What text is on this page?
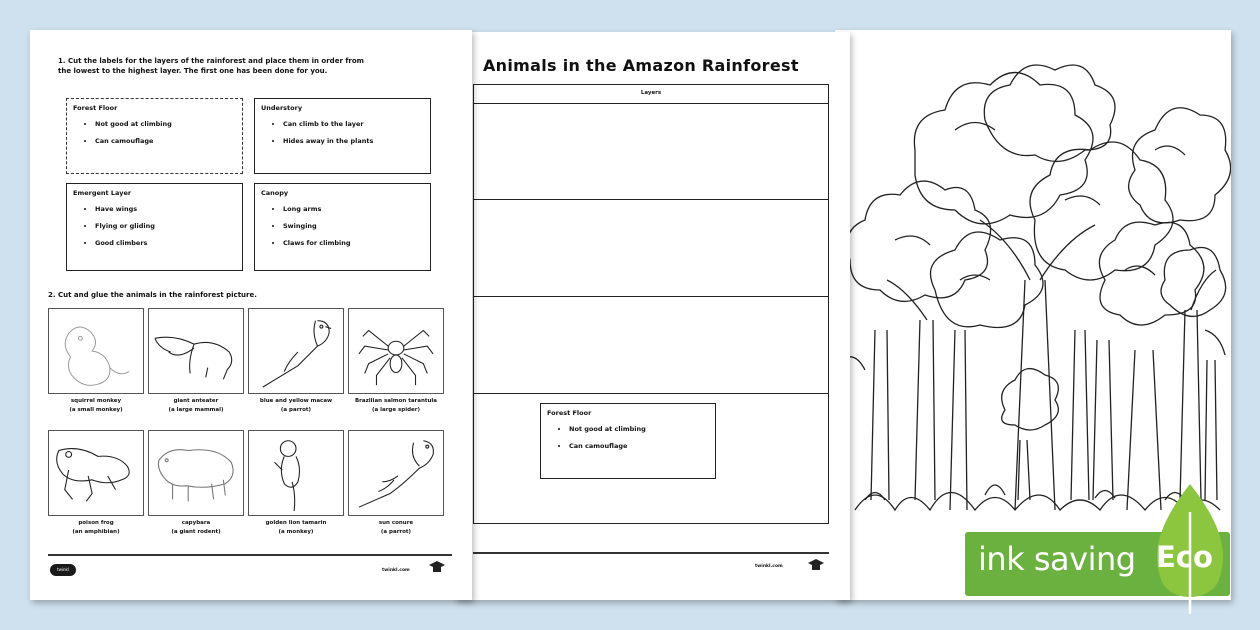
Animals in the Amazon Rainforest
Layers
Forest Floor
• Not good at climbing
• Can camouflage
twinkl.com
1. Cut the labels for the layers of the rainforest and place them in order from the lowest to the highest layer. The first one has been done for you.
Forest Floor
• Not good at climbing
• Can camouflage
Understory
• Can climb to the layer
• Hides away in the plants
Emergent Layer
• Have wings
• Flying or gliding
• Good climbers
Canopy
• Long arms
• Swinging
• Claws for climbing
2. Cut and glue the animals in the rainforest picture.
squirrel monkey
(a small monkey)
giant anteater
(a large mammal)
blue and yellow macaw
(a parrot)
Brazilian salmon tarantula
(a large spider)
poison frog
(an amphibian)
capybara
(a giant rodent)
golden lion tamarin
(a monkey)
sun conure
(a parrot)
twinkl	twinkl.com	ink saving Eco
